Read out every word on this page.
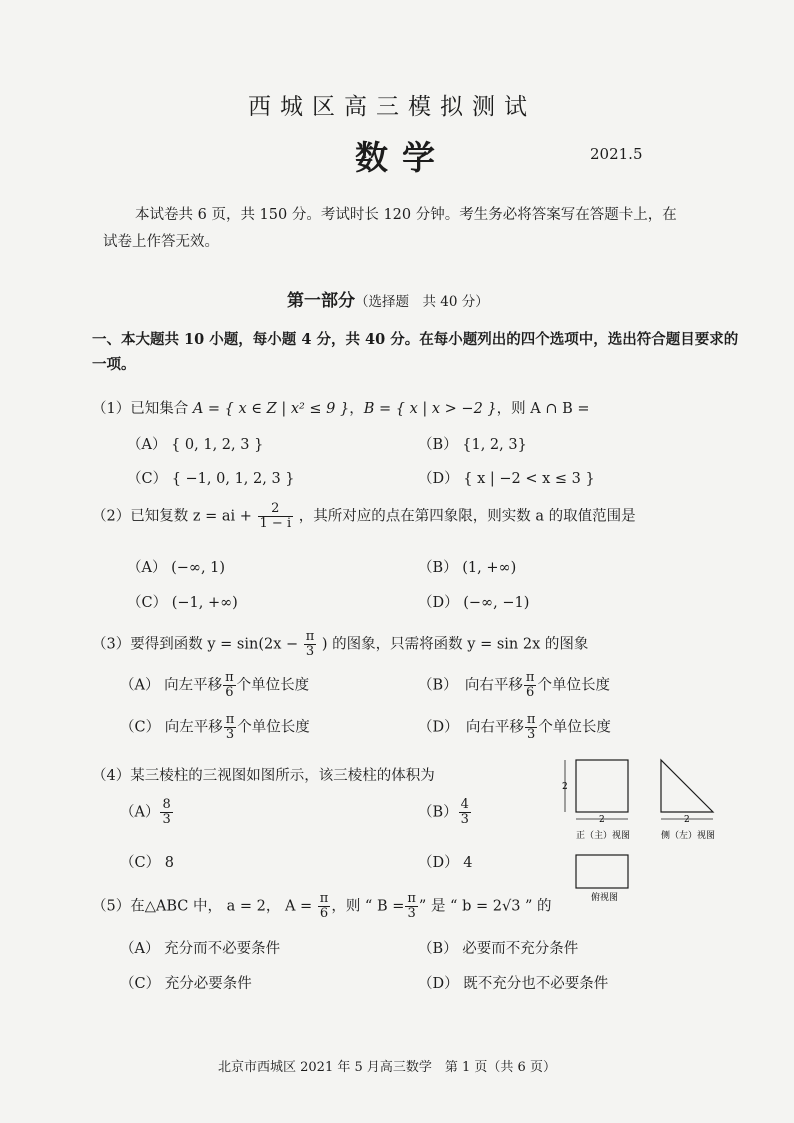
西城区高三模拟测试
数学	2021.5
本试卷共 6 页，共 150 分。考试时长 120 分钟。考生务必将答案写在答题卡上，在
试卷上作答无效。
第一部分（选择题　共 40 分）
一、本大题共 10 小题，每小题 4 分，共 40 分。在每小题列出的四个选项中，选出符合题目要求的一项。
（1）已知集合 A = { x ∈ Z | x² ≤ 9 }，B = { x | x > −2 }，则 A ∩ B =
（A） { 0, 1, 2, 3 }	（B） {1, 2, 3}
（C） { −1, 0, 1, 2, 3 }	（D） { x | −2 < x ≤ 3 }
（2）已知复数 z = ai + $\frac{2}{1 - i}$ ，其所对应的点在第四象限，则实数 a 的取值范围是
（A） (−∞, 1)	（B） (1, +∞)
（C） (−1, +∞)	（D） (−∞, −1)
（3）要得到函数 $y = \sin(2x - \frac{\pi}{3}$ ) 的图象，只需将函数 y = sin 2x 的图象
（A） 向左平移 $\frac{\pi}{6}$ 个单位长度	（B）　向右平移 $\frac{\pi}{6}$ 个单位长度
（C） 向左平移 $\frac{\pi}{3}$ 个单位长度	（D）　向右平移 $\frac{\pi}{3}$ 个单位长度
（4）某三棱柱的三视图如图所示，该三棱柱的体积为
$(A) \frac{8}{3}$	$(B) \frac{4}{3}$
（C） 8	（D） 4
2
2	2
正（主）视图	侧（左）视图
俯视图
（5）在△ABC 中， a = 2， $A = \frac{\pi}{6}$ ，则 “ $B = \frac{\pi}{3}$ ” 是 “ b = 2√3 ” 的
（A） 充分而不必要条件	（B） 必要而不充分条件
（C） 充分必要条件	（D） 既不充分也不必要条件
北京市西城区 2021 年 5 月高三数学　第 1 页（共 6 页）
